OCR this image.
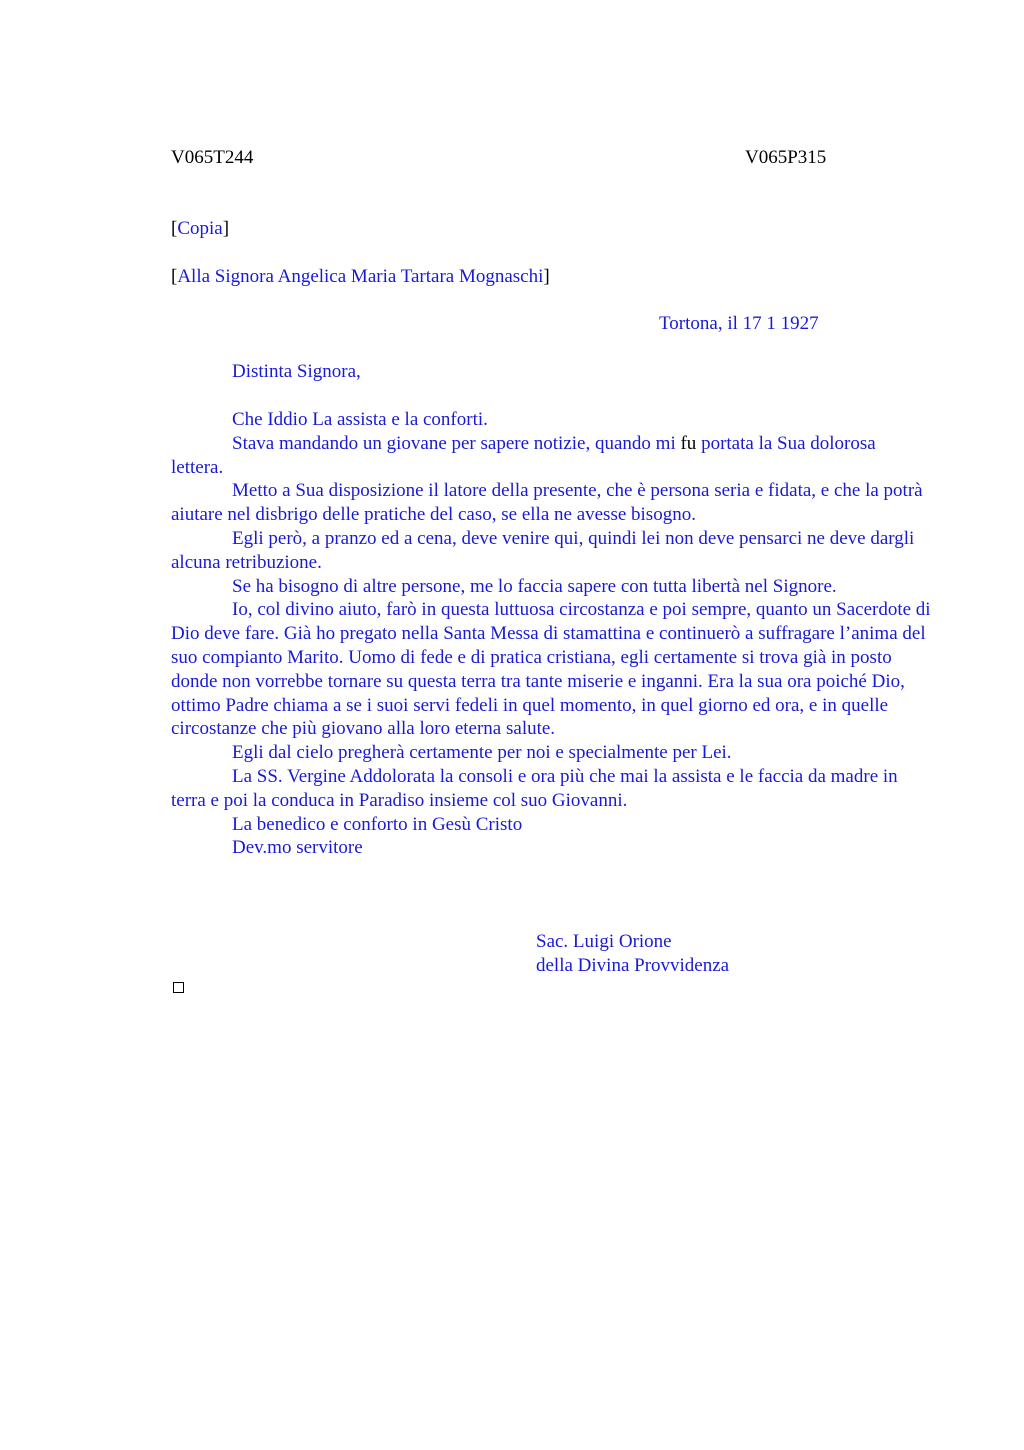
V065T244	V065P315
[Copia]
[Alla Signora Angelica Maria Tartara Mognaschi]
Tortona, il 17 1 1927
Distinta Signora,

Che Iddio La assista e la conforti.

Stava mandando un giovane per sapere notizie, quando mi fu portata la Sua dolorosa lettera.

Metto a Sua disposizione il latore della presente, che è persona seria e fidata, e che la potrà aiutare nel disbrigo delle pratiche del caso, se ella ne avesse bisogno.

Egli però, a pranzo ed a cena, deve venire qui, quindi lei non deve pensarci ne deve dargli alcuna retribuzione.

Se ha bisogno di altre persone, me lo faccia sapere con tutta libertà nel Signore.

Io, col divino aiuto, farò in questa luttuosa circostanza e poi sempre, quanto un Sacerdote di Dio deve fare. Già ho pregato nella Santa Messa di stamattina e continuerò a suffragare l’anima del suo compianto Marito. Uomo di fede e di pratica cristiana, egli certamente si trova già in posto donde non vorrebbe tornare su questa terra tra tante miserie e inganni. Era la sua ora poiché Dio, ottimo Padre chiama a se i suoi servi fedeli in quel momento, in quel giorno ed ora, e in quelle circostanze che più giovano alla loro eterna salute.

Egli dal cielo pregherà certamente per noi e specialmente per Lei.

La SS. Vergine Addolorata la consoli e ora più che mai la assista e le faccia da madre in terra e poi la conduca in Paradiso insieme col suo Giovanni.

La benedico e conforto in Gesù Cristo

Dev.mo servitore

Sac. Luigi Orione
della Divina Provvidenza
